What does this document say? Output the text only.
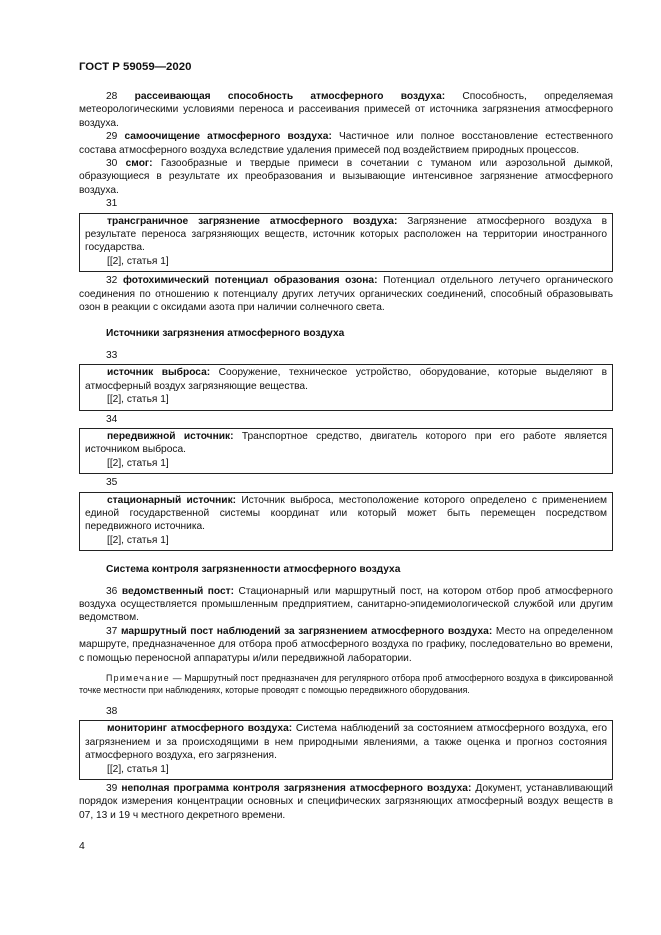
ГОСТ Р 59059—2020

28 рассеивающая способность атмосферного воздуха: Способность, определяемая метеорологическими условиями переноса и рассеивания примесей от источника загрязнения атмосферного воздуха.

29 самоочищение атмосферного воздуха: Частичное или полное восстановление естественного состава атмосферного воздуха вследствие удаления примесей под воздействием природных процессов.

30 смог: Газообразные и твердые примеси в сочетании с туманом или аэрозольной дымкой, образующиеся в результате их преобразования и вызывающие интенсивное загрязнение атмосферного воздуха.

31

трансграничное загрязнение атмосферного воздуха: Загрязнение атмосферного воздуха в результате переноса загрязняющих веществ, источник которых расположен на территории иностранного государства.

[[2], статья 1]

32 фотохимический потенциал образования озона: Потенциал отдельного летучего органического соединения по отношению к потенциалу других летучих органических соединений, способный образовывать озон в реакции с оксидами азота при наличии солнечного света.

Источники загрязнения атмосферного воздуха

33

источник выброса: Сооружение, техническое устройство, оборудование, которые выделяют в атмосферный воздух загрязняющие вещества.

[[2], статья 1]

34

передвижной источник: Транспортное средство, двигатель которого при его работе является источником выброса.

[[2], статья 1]

35

стационарный источник: Источник выброса, местоположение которого определено с применением единой государственной системы координат или который может быть перемещен посредством передвижного источника.

[[2], статья 1]

Система контроля загрязненности атмосферного воздуха

36 ведомственный пост: Стационарный или маршрутный пост, на котором отбор проб атмосферного воздуха осуществляется промышленным предприятием, санитарно-эпидемиологической службой или другим ведомством.

37 маршрутный пост наблюдений за загрязнением атмосферного воздуха: Место на определенном маршруте, предназначенное для отбора проб атмосферного воздуха по графику, последовательно во времени, с помощью переносной аппаратуры и/или передвижной лаборатории.

Примечание — Маршрутный пост предназначен для регулярного отбора проб атмосферного воздуха в фиксированной точке местности при наблюдениях, которые проводят с помощью передвижного оборудования.

38

мониторинг атмосферного воздуха: Система наблюдений за состоянием атмосферного воздуха, его загрязнением и за происходящими в нем природными явлениями, а также оценка и прогноз состояния атмосферного воздуха, его загрязнения.

[[2], статья 1]

39 неполная программа контроля загрязнения атмосферного воздуха: Документ, устанавливающий порядок измерения концентрации основных и специфических загрязняющих атмосферный воздух веществ в 07, 13 и 19 ч местного декретного времени.

4
